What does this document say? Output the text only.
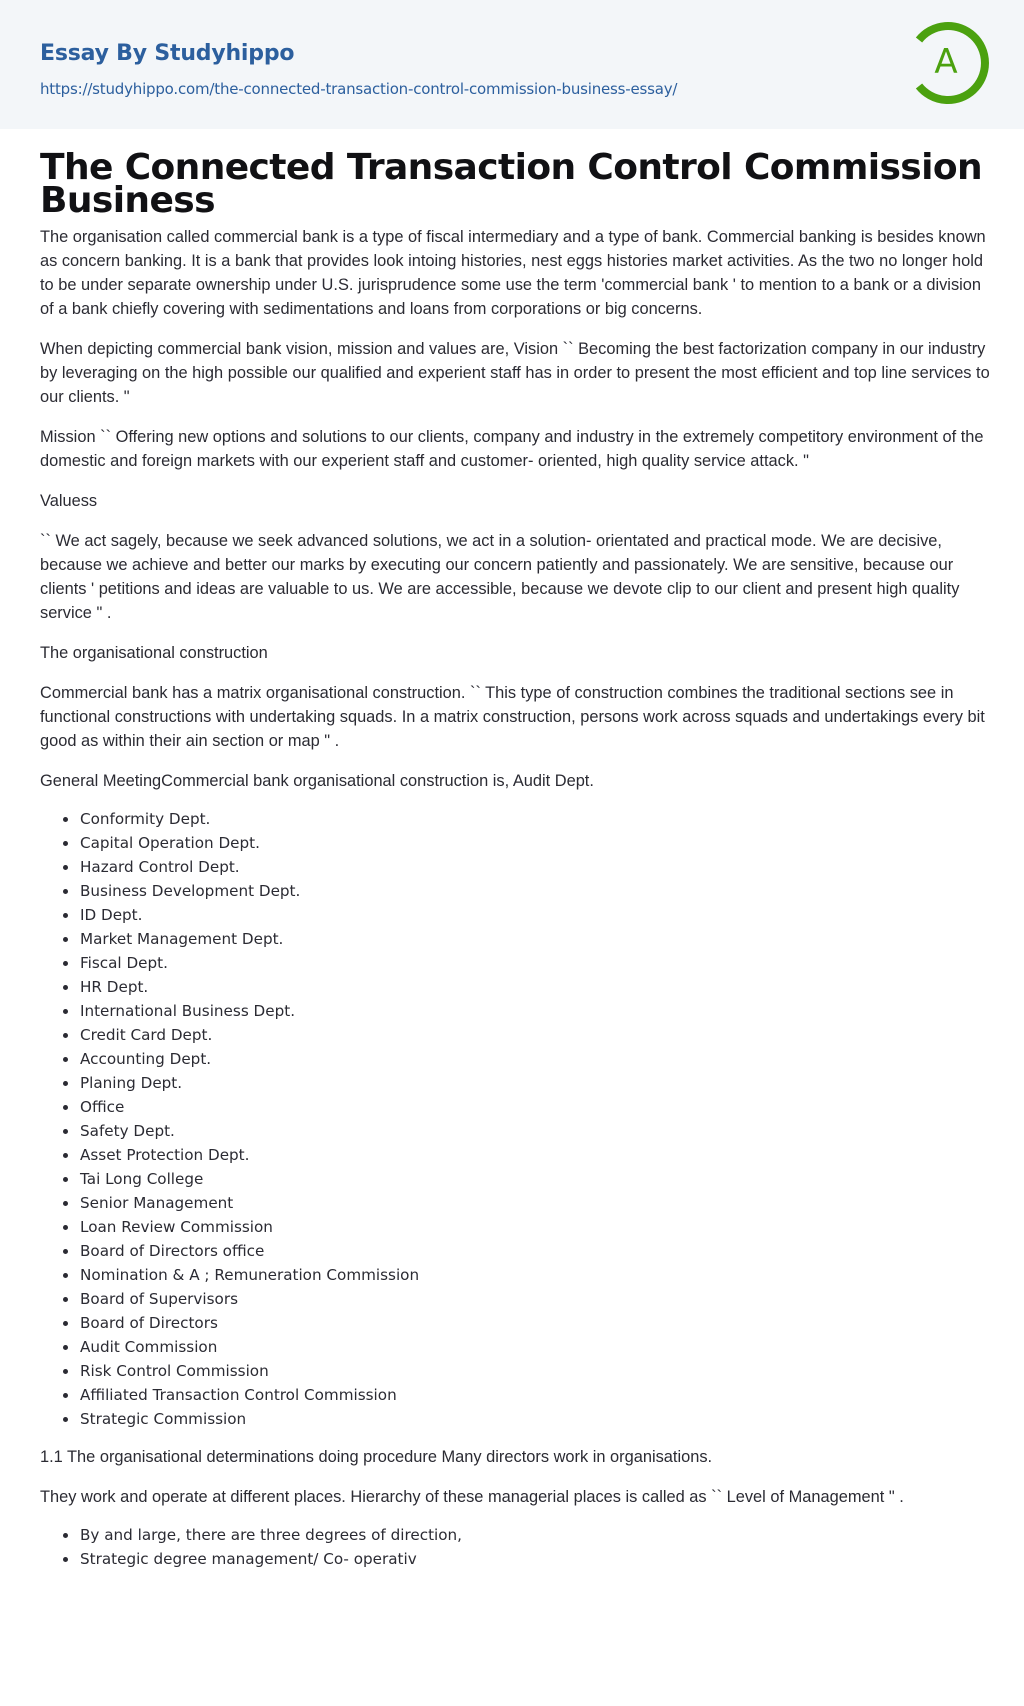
Essay By Studyhippo
https://studyhippo.com/the-connected-transaction-control-commission-business-essay/
A
The Connected Transaction Control Commission Business

The organisation called commercial bank is a type of fiscal intermediary and a type of bank. Commercial banking is besides known as concern banking. It is a bank that provides look intoing histories, nest eggs histories market activities. As the two no longer hold to be under separate ownership under U.S. jurisprudence some use the term 'commercial bank ' to mention to a bank or a division of a bank chiefly covering with sedimentations and loans from corporations or big concerns.

When depicting commercial bank vision, mission and values are, Vision `` Becoming the best factorization company in our industry by leveraging on the high possible our qualified and experient staff has in order to present the most efficient and top line services to our clients. "

Mission `` Offering new options and solutions to our clients, company and industry in the extremely competitory environment of the domestic and foreign markets with our experient staff and customer- oriented, high quality service attack. "

Valuess

`` We act sagely, because we seek advanced solutions, we act in a solution- orientated and practical mode. We are decisive, because we achieve and better our marks by executing our concern patiently and passionately. We are sensitive, because our clients ' petitions and ideas are valuable to us. We are accessible, because we devote clip to our client and present high quality service " .

The organisational construction

Commercial bank has a matrix organisational construction. `` This type of construction combines the traditional sections see in functional constructions with undertaking squads. In a matrix construction, persons work across squads and undertakings every bit good as within their ain section or map " .

General MeetingCommercial bank organisational construction is, Audit Dept.

Conformity Dept.
Capital Operation Dept.
Hazard Control Dept.
Business Development Dept.
ID Dept.
Market Management Dept.
Fiscal Dept.
HR Dept.
International Business Dept.
Credit Card Dept.
Accounting Dept.
Planing Dept.
Office
Safety Dept.
Asset Protection Dept.
Tai Long College
Senior Management
Loan Review Commission
Board of Directors office
Nomination & A ; Remuneration Commission
Board of Supervisors
Board of Directors
Audit Commission
Risk Control Commission
Affiliated Transaction Control Commission
Strategic Commission

1.1 The organisational determinations doing procedure Many directors work in organisations.

They work and operate at different places. Hierarchy of these managerial places is called as `` Level of Management " .

By and large, there are three degrees of direction,
Strategic degree management/ Co- operativ
